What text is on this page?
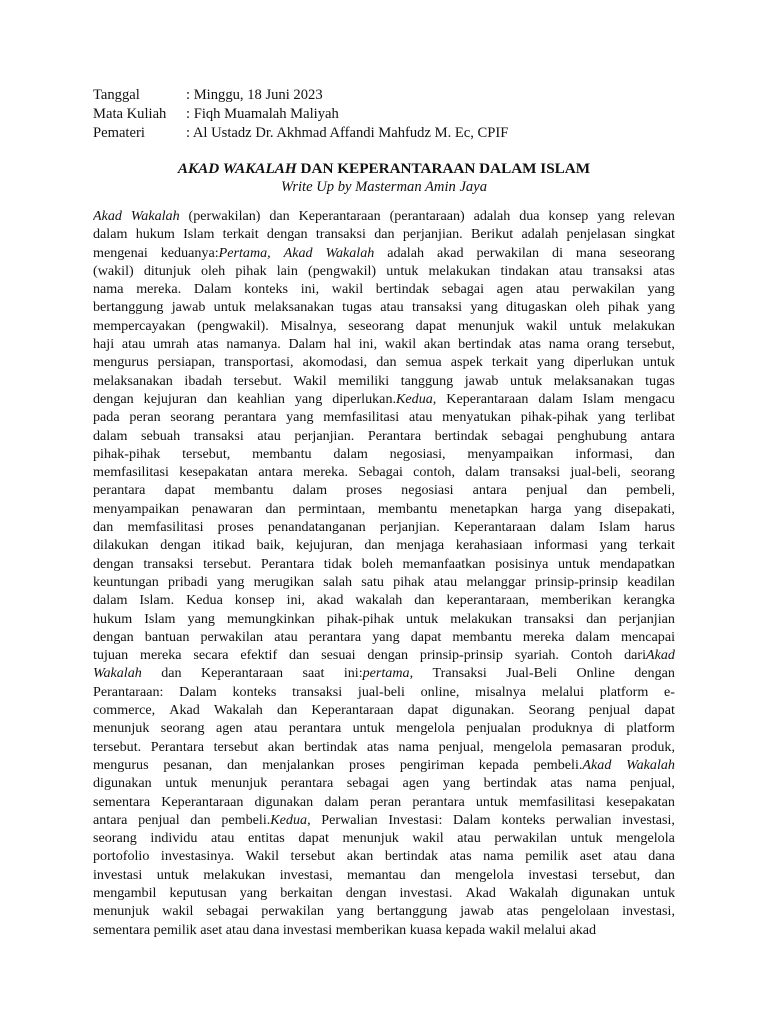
Tanggal	: Minggu, 18 Juni 2023
Mata Kuliah	: Fiqh Muamalah Maliyah
Pemateri	: Al Ustadz Dr. Akhmad Affandi Mahfudz M. Ec, CPIF
AKAD WAKALAH DAN KEPERANTARAAN DALAM ISLAM
Write Up by Masterman Amin Jaya
Akad Wakalah (perwakilan) dan Keperantaraan (perantaraan) adalah dua konsep yang relevan
dalam hukum Islam terkait dengan transaksi dan perjanjian. Berikut adalah penjelasan singkat
mengenai keduanya:Pertama, Akad Wakalah adalah akad perwakilan di mana seseorang
(wakil) ditunjuk oleh pihak lain (pengwakil) untuk melakukan tindakan atau transaksi atas
nama mereka. Dalam konteks ini, wakil bertindak sebagai agen atau perwakilan yang
bertanggung jawab untuk melaksanakan tugas atau transaksi yang ditugaskan oleh pihak yang
mempercayakan (pengwakil). Misalnya, seseorang dapat menunjuk wakil untuk melakukan
haji atau umrah atas namanya. Dalam hal ini, wakil akan bertindak atas nama orang tersebut,
mengurus persiapan, transportasi, akomodasi, dan semua aspek terkait yang diperlukan untuk
melaksanakan ibadah tersebut. Wakil memiliki tanggung jawab untuk melaksanakan tugas
dengan kejujuran dan keahlian yang diperlukan.Kedua, Keperantaraan dalam Islam mengacu
pada peran seorang perantara yang memfasilitasi atau menyatukan pihak-pihak yang terlibat
dalam sebuah transaksi atau perjanjian. Perantara bertindak sebagai penghubung antara
pihak-pihak tersebut, membantu dalam negosiasi, menyampaikan informasi, dan
memfasilitasi kesepakatan antara mereka. Sebagai contoh, dalam transaksi jual-beli, seorang
perantara dapat membantu dalam proses negosiasi antara penjual dan pembeli,
menyampaikan penawaran dan permintaan, membantu menetapkan harga yang disepakati,
dan memfasilitasi proses penandatanganan perjanjian. Keperantaraan dalam Islam harus
dilakukan dengan itikad baik, kejujuran, dan menjaga kerahasiaan informasi yang terkait
dengan transaksi tersebut. Perantara tidak boleh memanfaatkan posisinya untuk mendapatkan
keuntungan pribadi yang merugikan salah satu pihak atau melanggar prinsip-prinsip keadilan
dalam Islam. Kedua konsep ini, akad wakalah dan keperantaraan, memberikan kerangka
hukum Islam yang memungkinkan pihak-pihak untuk melakukan transaksi dan perjanjian
dengan bantuan perwakilan atau perantara yang dapat membantu mereka dalam mencapai
tujuan mereka secara efektif dan sesuai dengan prinsip-prinsip syariah. Contoh dariAkad
Wakalah dan Keperantaraan saat ini:pertama, Transaksi Jual-Beli Online dengan
Perantaraan: Dalam konteks transaksi jual-beli online, misalnya melalui platform e-
commerce, Akad Wakalah dan Keperantaraan dapat digunakan. Seorang penjual dapat
menunjuk seorang agen atau perantara untuk mengelola penjualan produknya di platform
tersebut. Perantara tersebut akan bertindak atas nama penjual, mengelola pemasaran produk,
mengurus pesanan, dan menjalankan proses pengiriman kepada pembeli.Akad Wakalah
digunakan untuk menunjuk perantara sebagai agen yang bertindak atas nama penjual,
sementara Keperantaraan digunakan dalam peran perantara untuk memfasilitasi kesepakatan
antara penjual dan pembeli.Kedua, Perwalian Investasi: Dalam konteks perwalian investasi,
seorang individu atau entitas dapat menunjuk wakil atau perwakilan untuk mengelola
portofolio investasinya. Wakil tersebut akan bertindak atas nama pemilik aset atau dana
investasi untuk melakukan investasi, memantau dan mengelola investasi tersebut, dan
mengambil keputusan yang berkaitan dengan investasi. Akad Wakalah digunakan untuk
menunjuk wakil sebagai perwakilan yang bertanggung jawab atas pengelolaan investasi,
sementara pemilik aset atau dana investasi memberikan kuasa kepada wakil melalui akad
